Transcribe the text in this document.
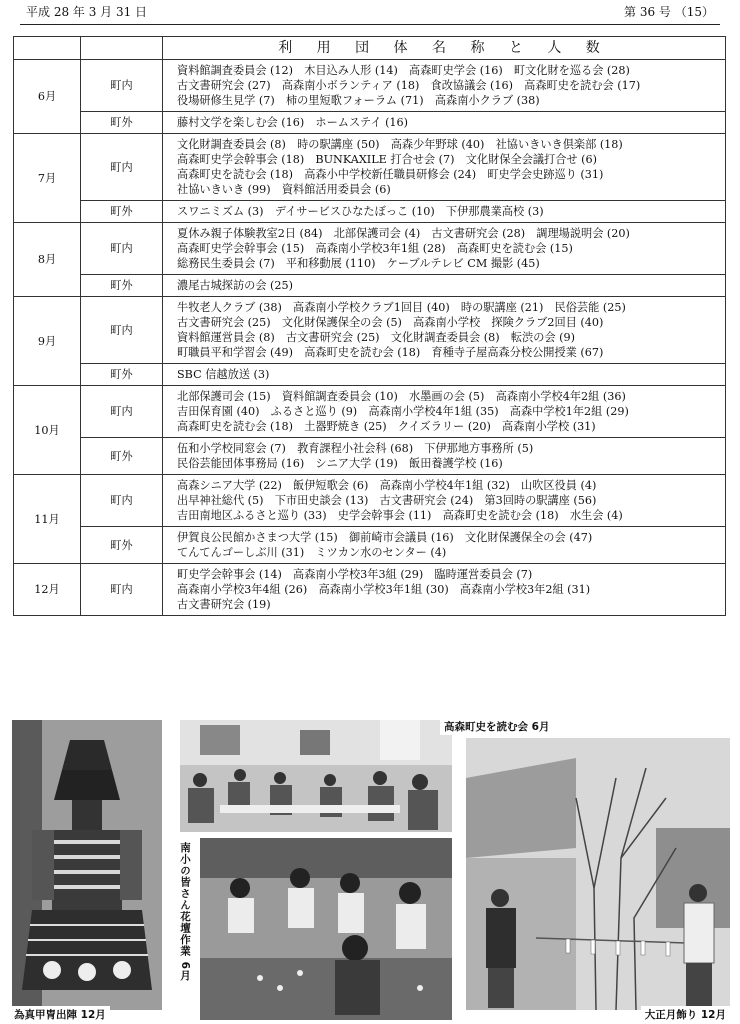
平成 28 年 3 月 31 日	第 36 号 （15）
		利 用 団 体 名 称 と 人 数
6月	町内	資料館調査委員会 (12)　木目込み人形 (14)　高森町史学会 (16)　町文化財を巡る会 (28)
古文書研究会 (27)　高森南小ボランティア (18)　食改協議会 (16)　高森町史を読む会 (17)
役場研修生見学 (7)　柿の里短歌フォーラム (71)　高森南小クラブ (38)

	町外	藤村文学を楽しむ会 (16)　ホームステイ (16)

7月	町内	文化財調査委員会 (8)　時の駅講座 (50)　高森少年野球 (40)　社協いきいき倶楽部 (18)
高森町史学会幹事会 (18)　BUNKAXILE 打合せ会 (7)　文化財保全会議打合せ (6)
高森町史を読む会 (18)　高森小中学校新任職員研修会 (24)　町史学会史跡巡り (31)
社協いきいき (99)　資料館活用委員会 (6)

	町外	スワニミズム (3)　デイサービスひなたぼっこ (10)　下伊那農業高校 (3)

8月	町内	夏休み親子体験教室2日 (84)　北部保護司会 (4)　古文書研究会 (28)　調理場説明会 (20)
高森町史学会幹事会 (15)　高森南小学校3年1組 (28)　高森町史を読む会 (15)
総務民生委員会 (7)　平和移動展 (110)　ケーブルテレビ CM 撮影 (45)

	町外	濃尾古城探訪の会 (25)

9月	町内	牛牧老人クラブ (38)　高森南小学校クラブ1回目 (40)　時の駅講座 (21)　民俗芸能 (25)
古文書研究会 (25)　文化財保護保全の会 (5)　高森南小学校　探険クラブ2回目 (40)
資料館運営員会 (8)　古文書研究会 (25)　文化財調査委員会 (8)　転渋の会 (9)
町職員平和学習会 (49)　高森町史を読む会 (18)　育種寺子屋高森分校公開授業 (67)

	町外	SBC 信越放送 (3)

10月	町内	北部保護司会 (15)　資料館調査委員会 (10)　水墨画の会 (5)　高森南小学校4年2組 (36)
吉田保育園 (40)　ふるさと巡り (9)　高森南小学校4年1組 (35)　高森中学校1年2組 (29)
高森町史を読む会 (18)　土器野焼き (25)　クイズラリー (20)　高森南小学校 (31)

	町外	伍和小学校同窓会 (7)　教育課程小社会科 (68)　下伊那地方事務所 (5)
民俗芸能団体事務局 (16)　シニア大学 (19)　飯田養護学校 (16)

11月	町内	高森シニア大学 (22)　飯伊短歌会 (6)　高森南小学校4年1組 (32)　山吹区役員 (4)
出早神社総代 (5)　下市田史談会 (13)　古文書研究会 (24)　第3回時の駅講座 (56)
吉田南地区ふるさと巡り (33)　史学会幹事会 (11)　高森町史を読む会 (18)　水生会 (4)

	町外	伊賀良公民館かさまつ大学 (15)　御前崎市会議員 (16)　文化財保護保全の会 (47)
てんてんゴーしぶ川 (31)　ミツカン水のセンター (4)

12月	町内	町史学会幹事会 (14)　高森南小学校3年3組 (29)　臨時運営委員会 (7)
高森南小学校3年4組 (26)　高森南小学校3年1組 (30)　高森南小学校3年2組 (31)
古文書研究会 (19)
為真甲冑出陣 12月
高森町史を読む会 6月
南小の皆さん花壇作業 6月
大正月飾り 12月
